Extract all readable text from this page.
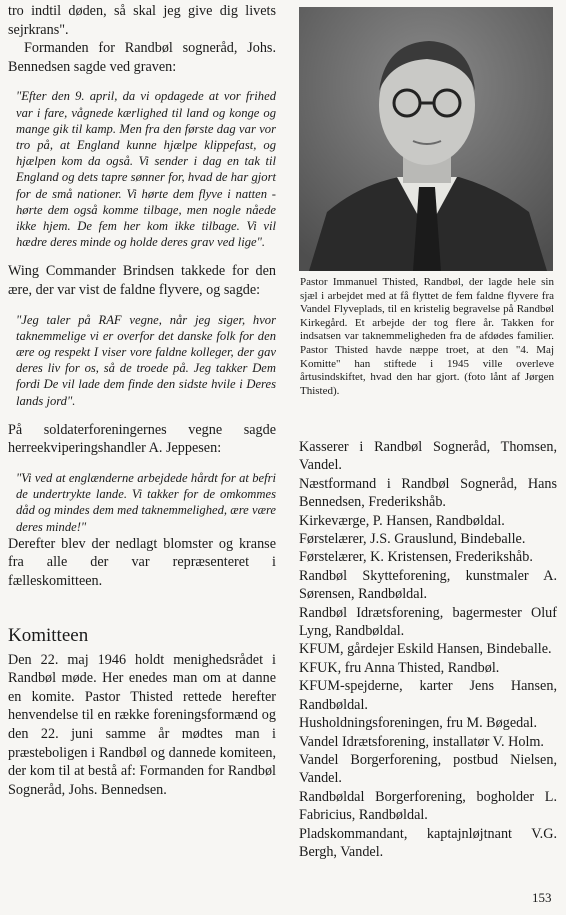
tro indtil døden, så skal jeg give dig livets sejrkrans".

Formanden for Randbøl sogneråd, Johs. Bennedsen sagde ved graven:

"Efter den 9. april, da vi opdagede at vor frihed var i fare, vågnede kærlighed til land og konge og mange gik til kamp. Men fra den første dag var vor tro på, at England kunne hjælpe klippefast, og hjælpen kom da også. Vi sender i dag en tak til England og dets tapre sønner for, hvad de har gjort for de små nationer. Vi hørte dem flyve i natten - hørte dem også komme tilbage, men nogle nåede ikke hjem. De fem her kom ikke tilbage. Vi vil hædre deres minde og holde deres grav ved lige".

Wing Commander Brindsen takkede for den ære, der var vist de faldne flyvere, og sagde:

"Jeg taler på RAF vegne, når jeg siger, hvor taknemmelige vi er overfor det danske folk for den ære og respekt I viser vore faldne kolleger, der gav deres liv for os, så de troede på. Jeg takker Dem fordi De vil lade dem finde den sidste hvile i Deres lands jord".

På soldaterforeningernes vegne sagde herreekviperingshandler A. Jeppesen:

"Vi ved at englænderne arbejdede hårdt for at befri de undertrykte lande. Vi takker for de omkommes dåd og mindes dem med taknemmelighed, ære være deres minde!"

Derefter blev der nedlagt blomster og kranse fra alle der var repræsenteret i fælleskomitteen.

Komitteen

Den 22. maj 1946 holdt menighedsrådet i Randbøl møde. Her enedes man om at danne en komite. Pastor Thisted rettede herefter henvendelse til en række foreningsformænd og den 22. juni samme år mødtes man i præsteboligen i Randbøl og dannede komiteen, der kom til at bestå af: Formanden for Randbøl Sogneråd, Johs. Bennedsen.

Pastor Immanuel Thisted, Randbøl, der lagde hele sin sjæl i arbejdet med at få flyttet de fem faldne flyvere fra Vandel Flyveplads, til en kristelig begravelse på Randbøl Kirkegård. Et arbejde der tog flere år. Takken for indsatsen var taknemmeligheden fra de afdødes familier. Pastor Thisted havde næppe troet, at den "4. Maj Komitte" han stiftede i 1945 ville overleve årtusindskiftet, hvad den har gjort. (foto lånt af Jørgen Thisted).

Kasserer i Randbøl Sogneråd, Thomsen, Vandel.

Næstformand i Randbøl Sogneråd, Hans Bennedsen, Frederikshåb.

Kirkeværge, P. Hansen, Randbøldal.

Førstelærer, J.S. Grauslund, Bindeballe.

Førstelærer, K. Kristensen, Frederikshåb.

Randbøl Skytteforening, kunstmaler A. Sørensen, Randbøldal.

Randbøl Idrætsforening, bagermester Oluf Lyng, Randbøldal.

KFUM, gårdejer Eskild Hansen, Bindeballe.

KFUK, fru Anna Thisted, Randbøl.

KFUM-spejderne, karter Jens Hansen, Randbøldal.

Husholdningsforeningen, fru M. Bøgedal.

Vandel Idrætsforening, installatør V. Holm.

Vandel Borgerforening, postbud Nielsen, Vandel.

Randbøldal Borgerforening, bogholder L. Fabricius, Randbøldal.

Pladskommandant, kaptajnløjtnant V.G. Bergh, Vandel.

153
